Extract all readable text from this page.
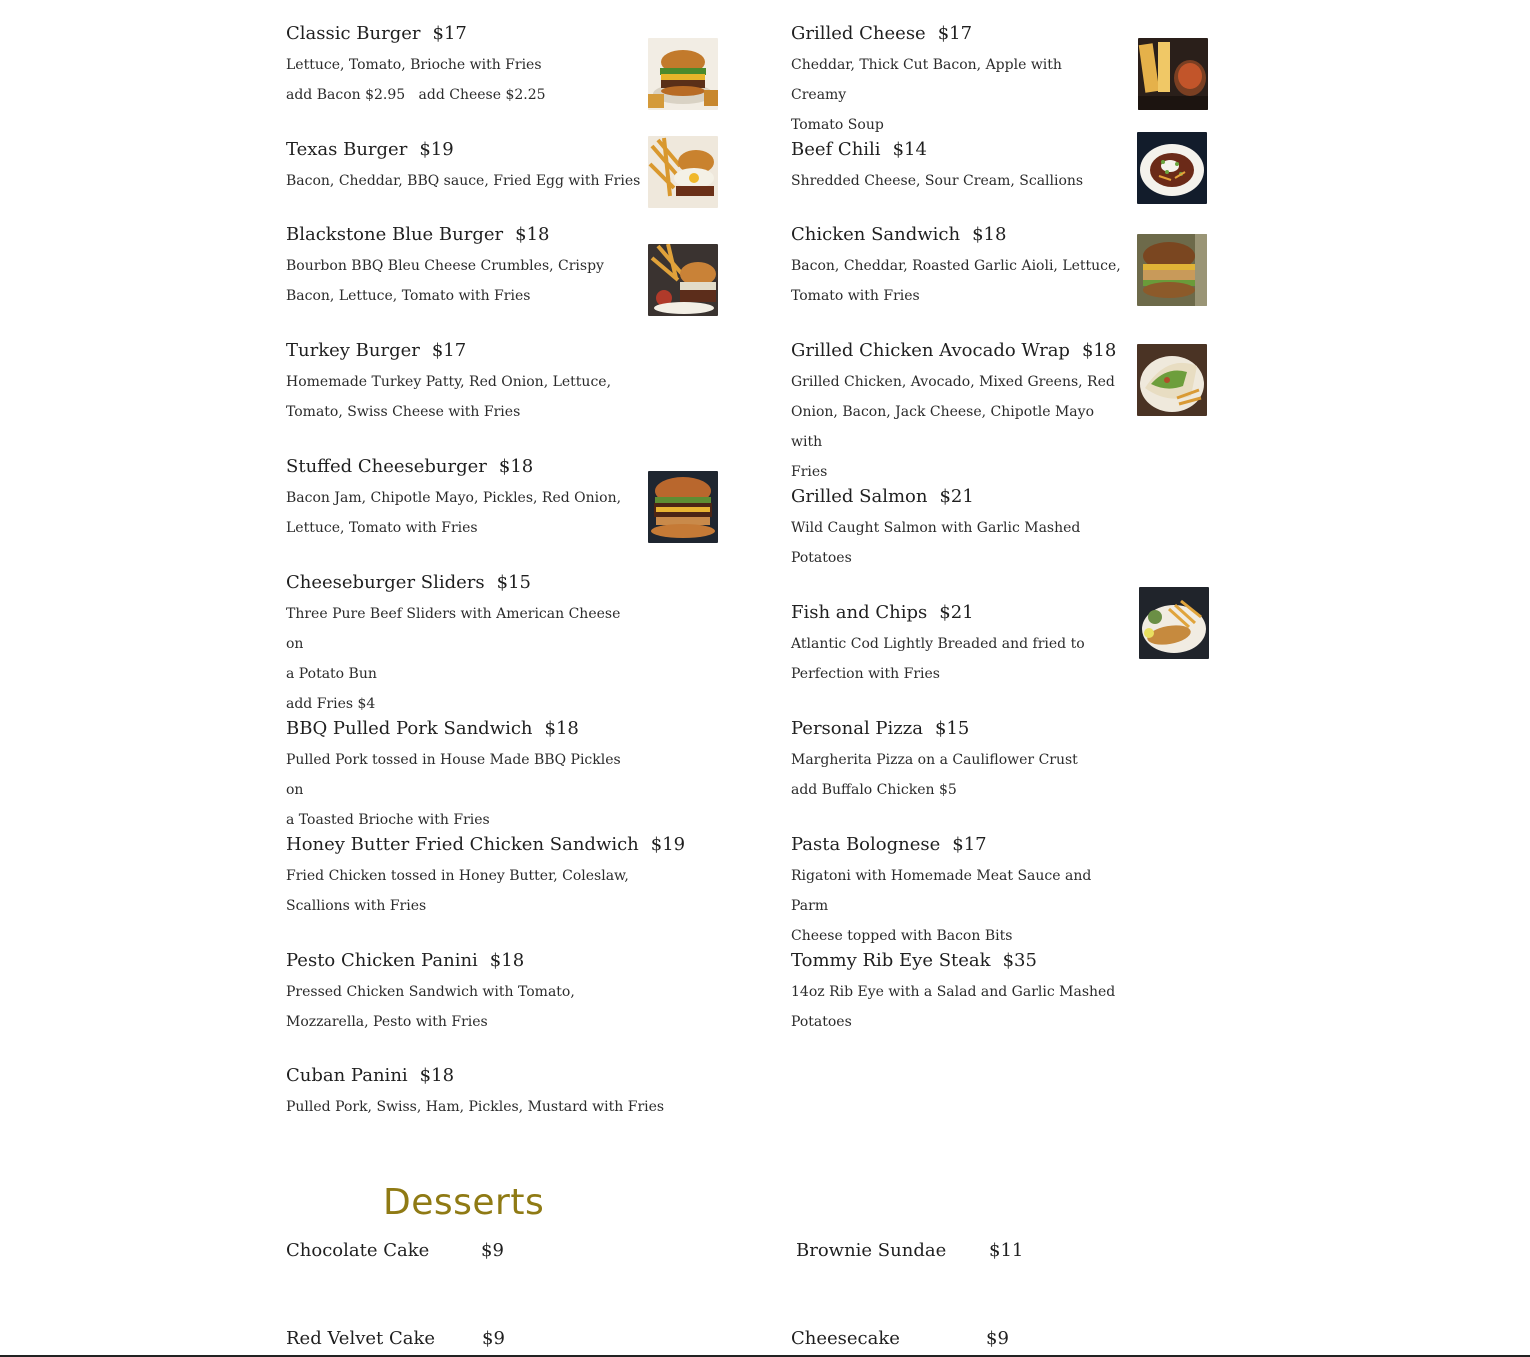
Classic Burger $17
Lettuce, Tomato, Brioche with Fries
add Bacon $2.95   add Cheese $2.25
Texas Burger $19
Bacon, Cheddar, BBQ sauce, Fried Egg with Fries
Blackstone Blue Burger $18
Bourbon BBQ Bleu Cheese Crumbles, Crispy
Bacon, Lettuce, Tomato with Fries
Turkey Burger $17
Homemade Turkey Patty, Red Onion, Lettuce,
Tomato, Swiss Cheese with Fries
Stuffed Cheeseburger $18
Bacon Jam, Chipotle Mayo, Pickles, Red Onion,
Lettuce, Tomato with Fries
Cheeseburger Sliders $15
Three Pure Beef Sliders with American Cheese on
a Potato Bun
add Fries $4
BBQ Pulled Pork Sandwich $18
Pulled Pork tossed in House Made BBQ Pickles on
a Toasted Brioche with Fries
Honey Butter Fried Chicken Sandwich $19
Fried Chicken tossed in Honey Butter, Coleslaw,
Scallions with Fries
Pesto Chicken Panini $18
Pressed Chicken Sandwich with Tomato,
Mozzarella, Pesto with Fries
Cuban Panini $18
Pulled Pork, Swiss, Ham, Pickles, Mustard with Fries
Grilled Cheese $17
Cheddar, Thick Cut Bacon, Apple with Creamy
Tomato Soup
Beef Chili $14
Shredded Cheese, Sour Cream, Scallions
Chicken Sandwich $18
Bacon, Cheddar, Roasted Garlic Aioli, Lettuce,
Tomato with Fries
Grilled Chicken Avocado Wrap $18
Grilled Chicken, Avocado, Mixed Greens, Red
Onion, Bacon, Jack Cheese, Chipotle Mayo with
Fries
Grilled Salmon $21
Wild Caught Salmon with Garlic Mashed
Potatoes
Fish and Chips $21
Atlantic Cod Lightly Breaded and fried to
Perfection with Fries
Personal Pizza $15
Margherita Pizza on a Cauliflower Crust
add Buffalo Chicken $5
Pasta Bolognese $17
Rigatoni with Homemade Meat Sauce and Parm
Cheese topped with Bacon Bits
Tommy Rib Eye Steak $35
14oz Rib Eye with a Salad and Garlic Mashed
Potatoes
Desserts
Chocolate Cake	$9	Brownie Sundae $11
Red Velvet Cake	$9	Cheesecake	$9
